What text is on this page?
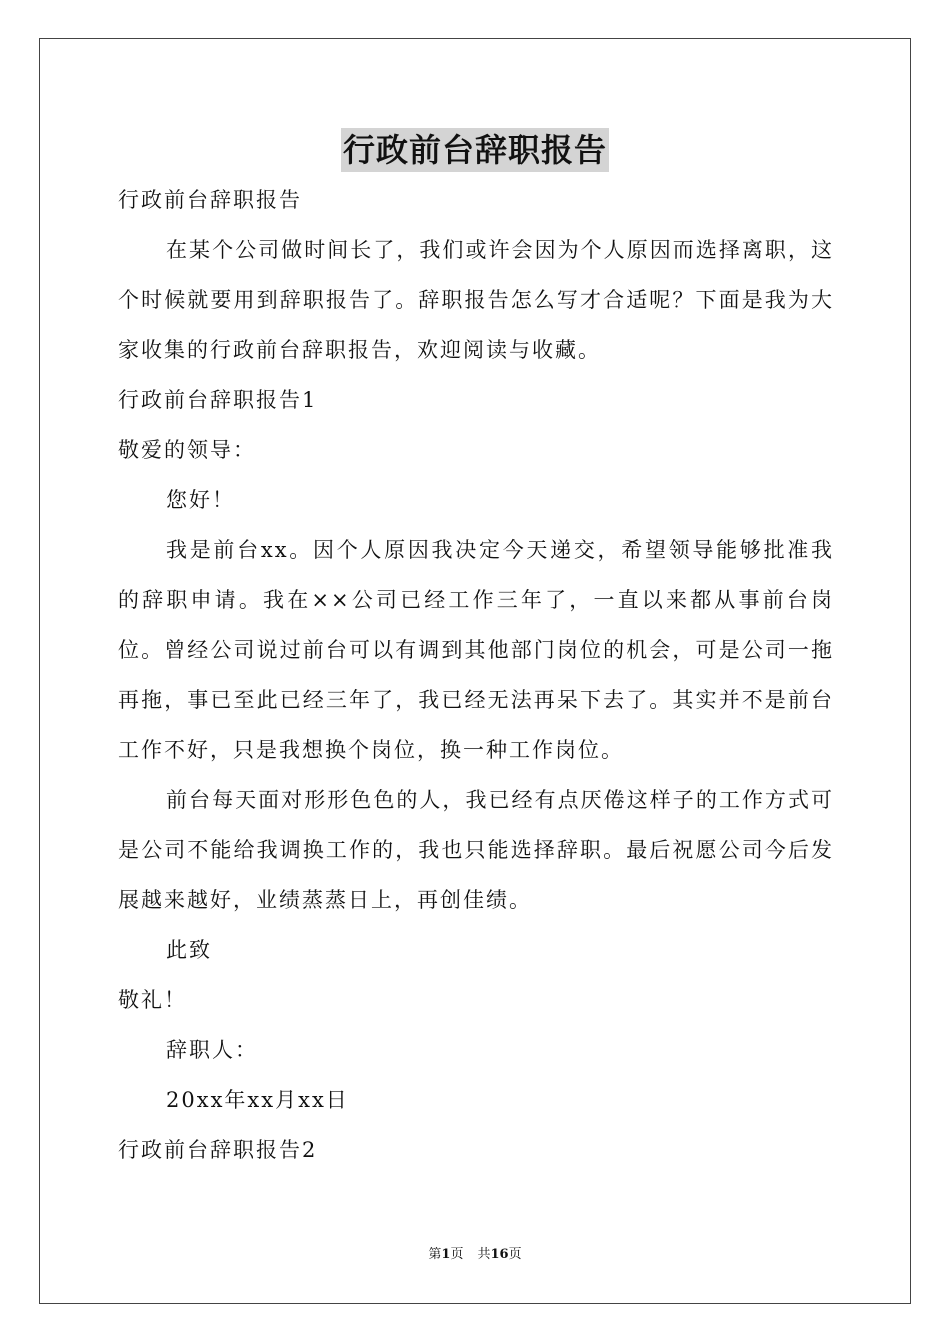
行政前台辞职报告

行政前台辞职报告

在某个公司做时间长了，我们或许会因为个人原因而选择离职，这个时候就要用到辞职报告了。辞职报告怎么写才合适呢？下面是我为大家收集的行政前台辞职报告，欢迎阅读与收藏。

行政前台辞职报告1

敬爱的领导：

您好！

我是前台xx。因个人原因我决定今天递交，希望领导能够批准我的辞职申请。我在××公司已经工作三年了，一直以来都从事前台岗位。曾经公司说过前台可以有调到其他部门岗位的机会，可是公司一拖再拖，事已至此已经三年了，我已经无法再呆下去了。其实并不是前台工作不好，只是我想换个岗位，换一种工作岗位。

前台每天面对形形色色的人，我已经有点厌倦这样子的工作方式可是公司不能给我调换工作的，我也只能选择辞职。最后祝愿公司今后发展越来越好，业绩蒸蒸日上，再创佳绩。

此致

敬礼！

辞职人：

20xx年xx月xx日

行政前台辞职报告2

第1页 共16页
